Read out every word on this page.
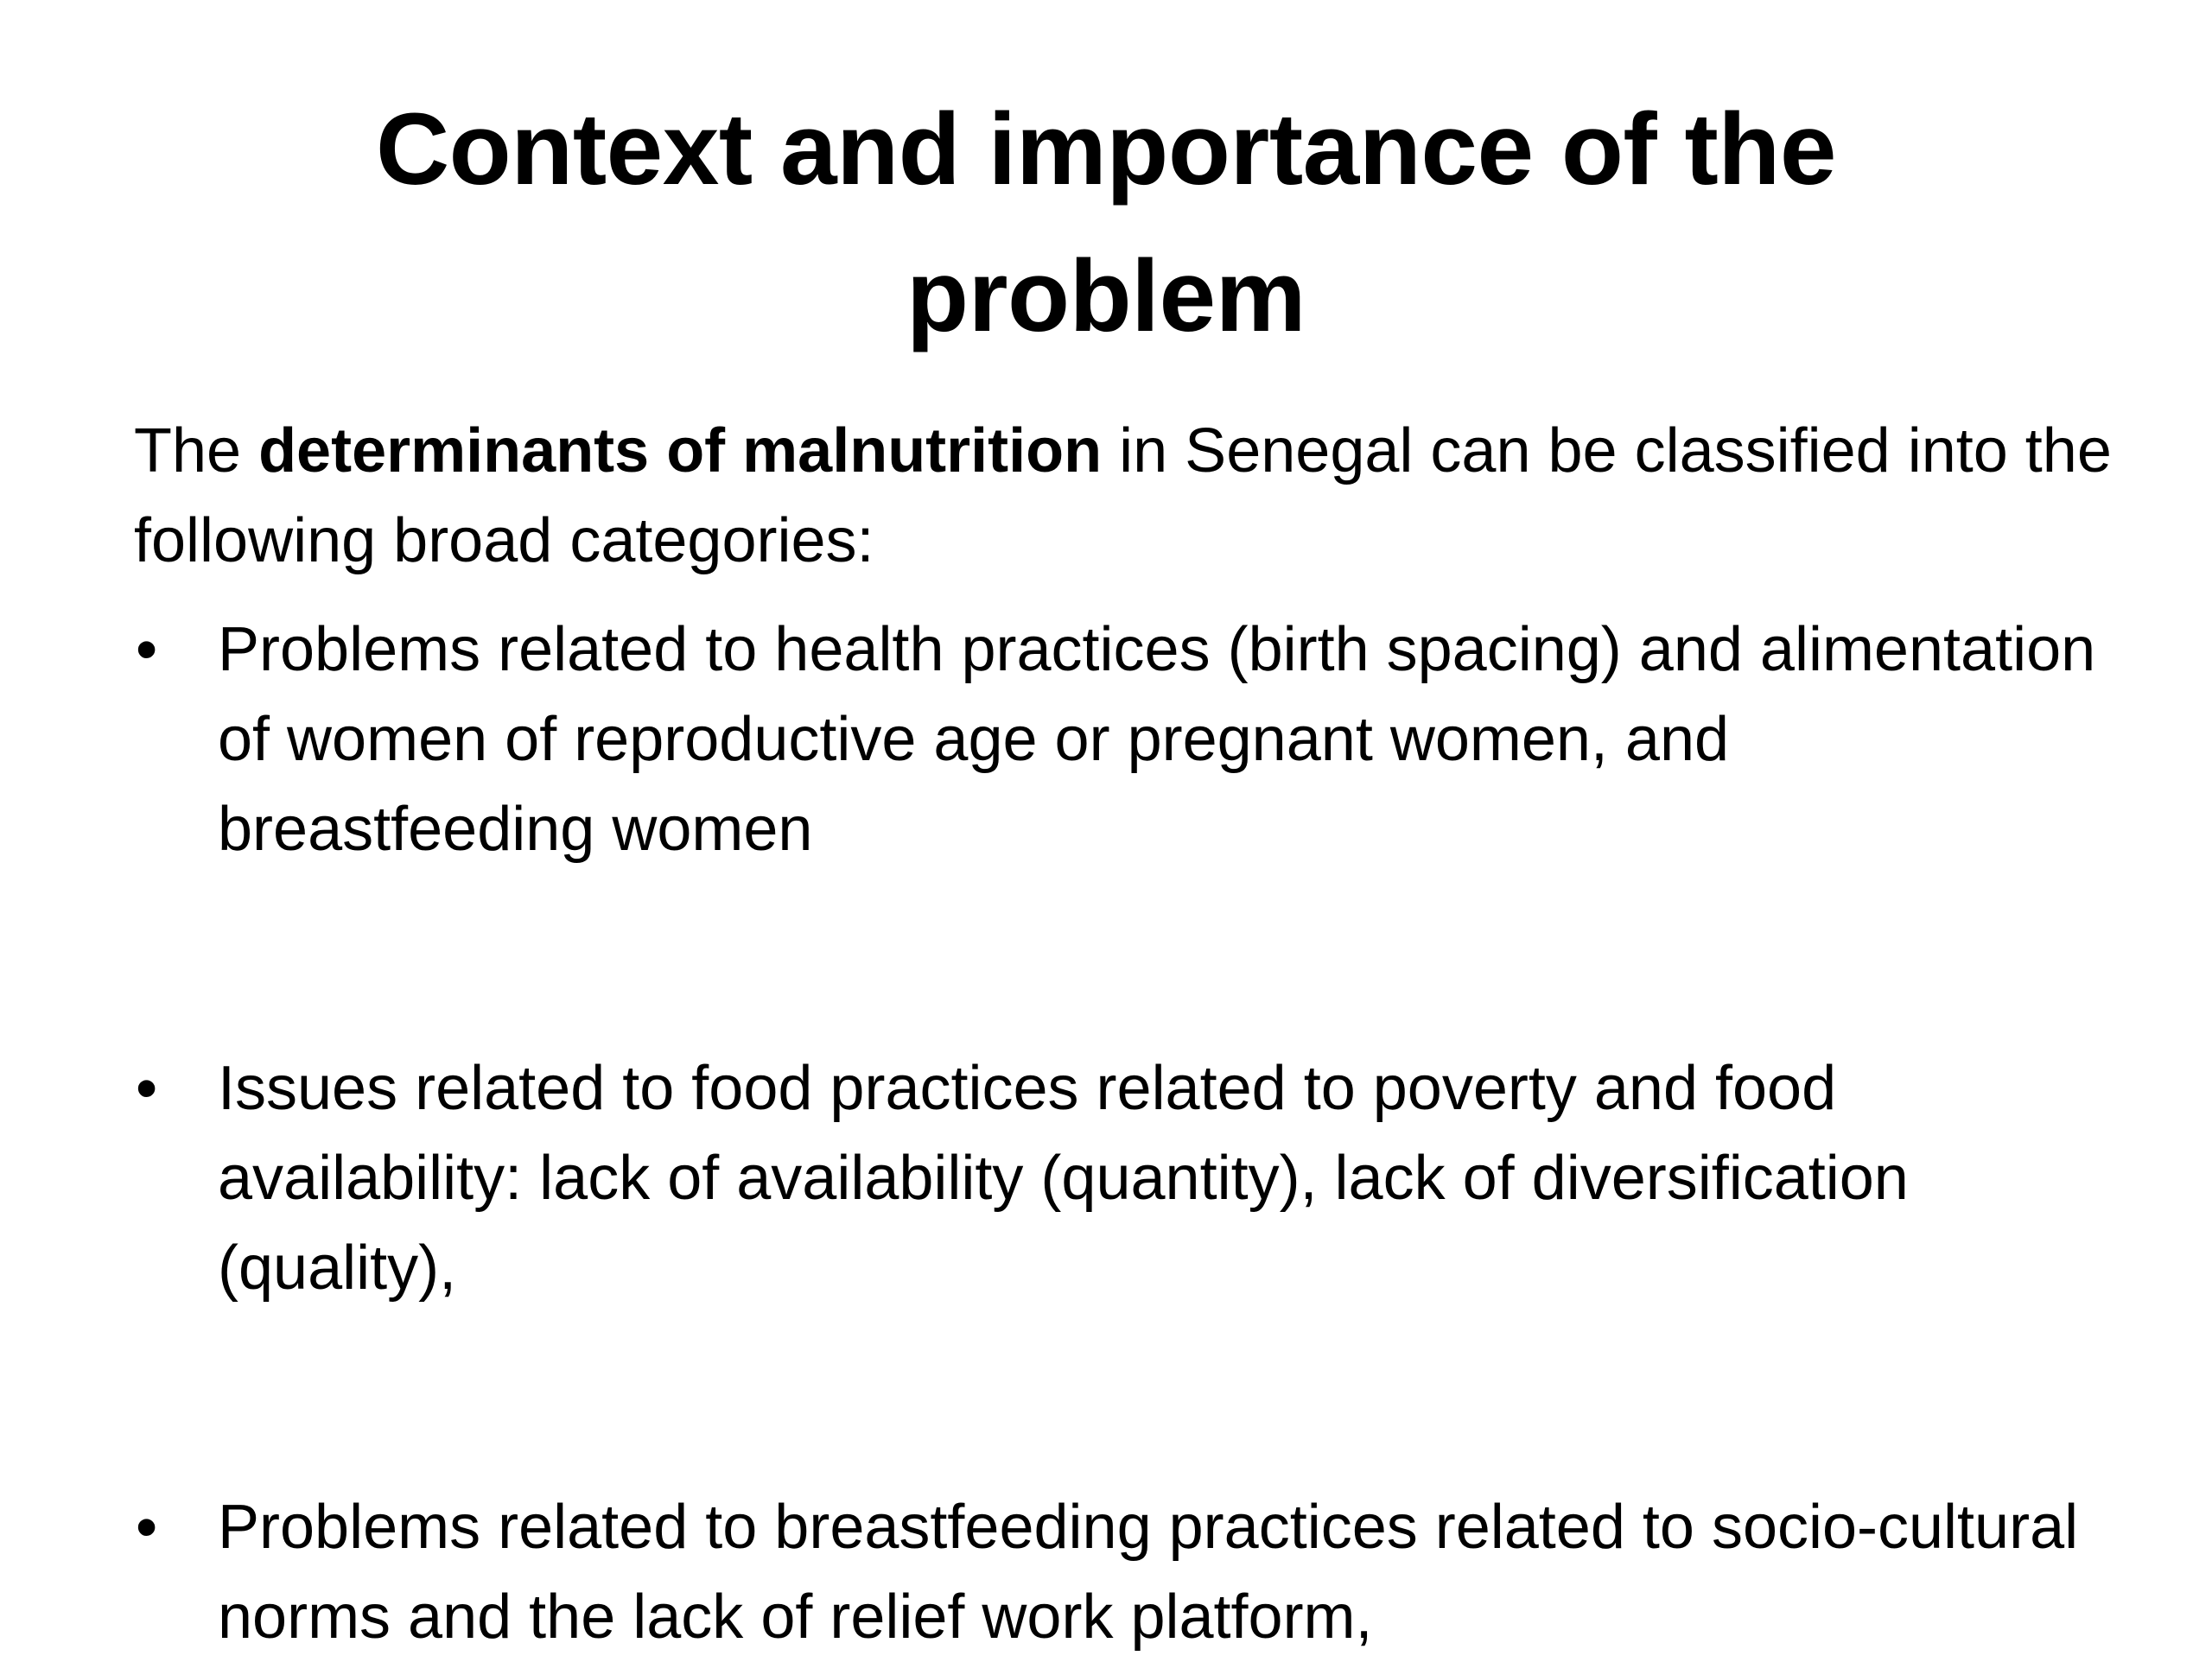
Context and importance of the problem

The determinants of malnutrition in Senegal can be classified into the following broad categories:

• Problems related to health practices (birth spacing) and alimentation of women of reproductive age or pregnant women, and breastfeeding women
• Issues related to food practices related to poverty and food availability: lack of availability (quantity), lack of diversification (quality),
• Problems related to breastfeeding practices related to socio-cultural norms and the lack of relief work platform,
